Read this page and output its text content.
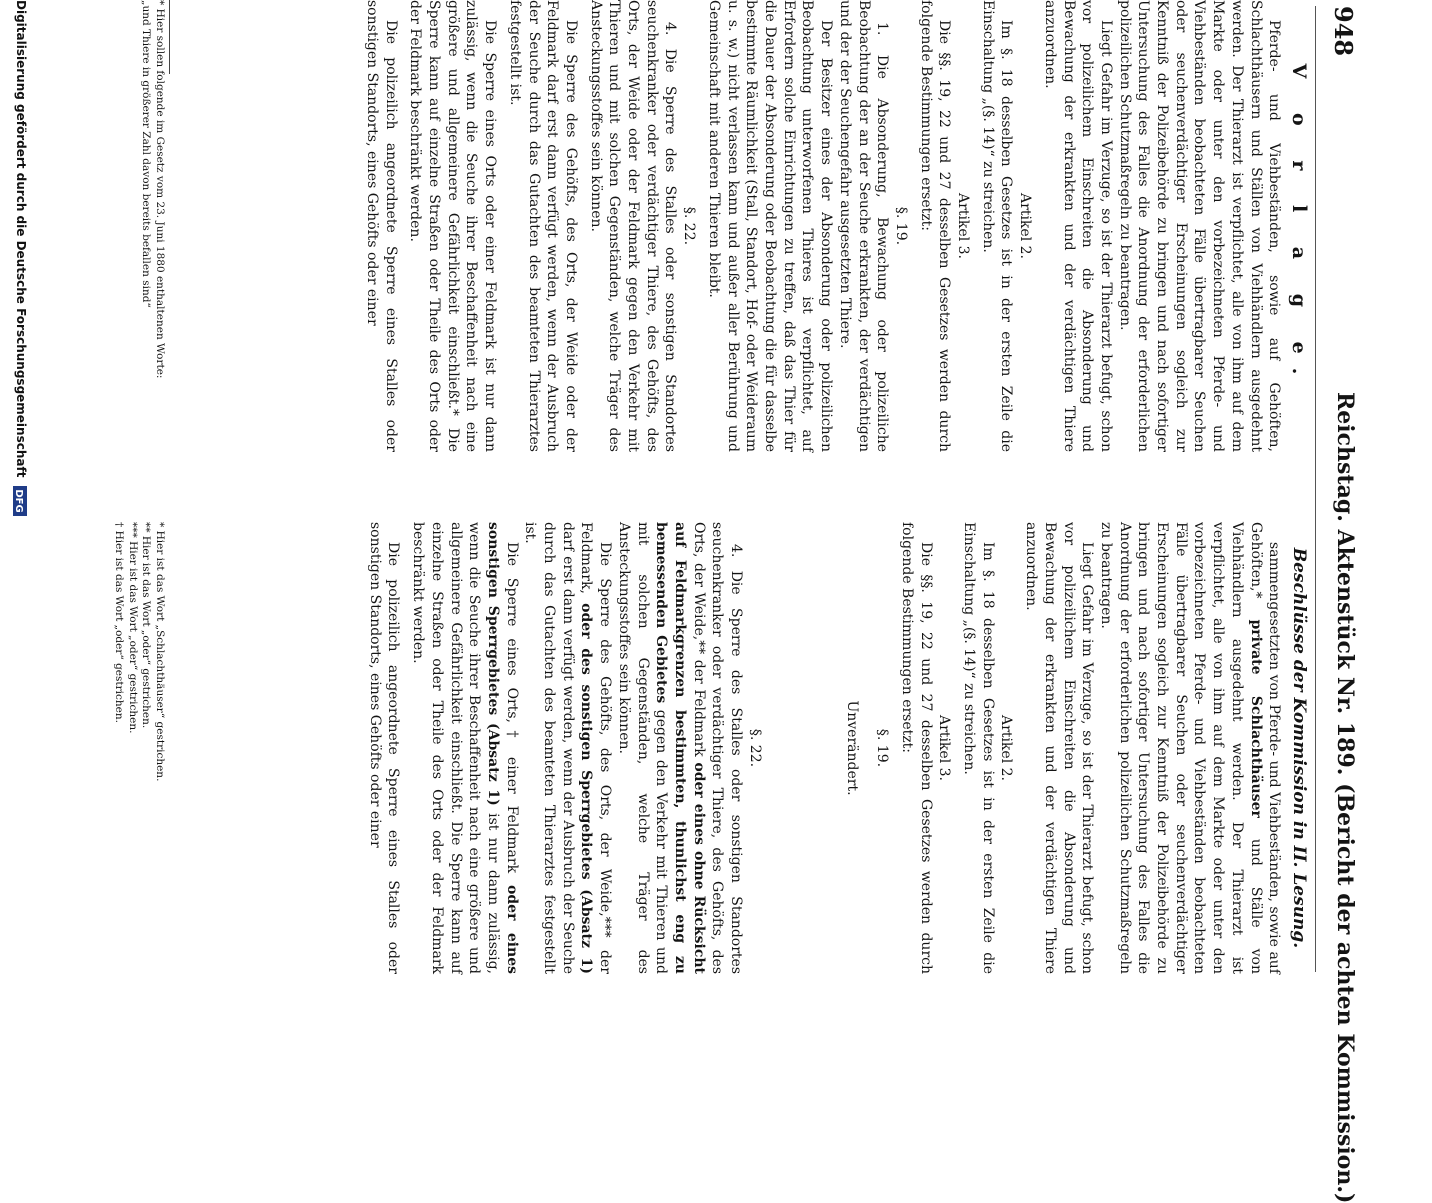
948
Reichstag. Aktenstück Nr. 189. (Bericht der achten Kommission.)
V o r l a g e.

Pferde- und Viehbeständen, sowie auf Gehöften, Schlachthäusern und Ställen von Viehhändlern ausgedehnt werden. Der Thierarzt ist verpflichtet, alle von ihm auf dem Markte oder unter den vorbezeichneten Pferde- und Viehbeständen beobachteten Fälle übertragbarer Seuchen oder seuchenverdächtiger Erscheinungen sogleich zur Kenntniß der Polizeibehörde zu bringen und nach sofortiger Untersuchung des Falles die Anordnung der erforderlichen polizeilichen Schutzmaßregeln zu beantragen.

Liegt Gefahr im Verzuge, so ist der Thierarzt befugt, schon vor polizeilichem Einschreiten die Absonderung und Bewachung der erkrankten und der verdächtigen Thiere anzuordnen.

Artikel 2.

Im §. 18 desselben Gesetzes ist in der ersten Zeile die Einschaltung „(§. 14)“ zu streichen.

Artikel 3.

Die §§. 19, 22 und 27 desselben Gesetzes werden durch folgende Bestimmungen ersetzt:

§. 19.

1. Die Absonderung, Bewachung oder polizeiliche Beobachtung der an der Seuche erkrankten, der verdächtigen und der der Seuchengefahr ausgesetzten Thiere.

Der Besitzer eines der Absonderung oder polizeilichen Beobachtung unterworfenen Thieres ist verpflichtet, auf Erfordern solche Einrichtungen zu treffen, daß das Thier für die Dauer der Absonderung oder Beobachtung die für dasselbe bestimmte Räumlichkeit (Stall, Standort, Hof- oder Weideraum u. s. w.) nicht verlassen kann und außer aller Berührung und Gemeinschaft mit anderen Thieren bleibt.

§. 22.

4. Die Sperre des Stalles oder sonstigen Standortes seuchenkranker oder verdächtiger Thiere, des Gehöfts, des Orts, der Weide oder der Feldmark gegen den Verkehr mit Thieren und mit solchen Gegenständen, welche Träger des Ansteckungsstoffes sein können.

Die Sperre des Gehöfts, des Orts, der Weide oder der Feldmark darf erst dann verfügt werden, wenn der Ausbruch der Seuche durch das Gutachten des beamteten Thierarztes festgestellt ist.

Die Sperre eines Orts oder einer Feldmark ist nur dann zulässig, wenn die Seuche ihrer Beschaffenheit nach eine größere und allgemeinere Gefährlichkeit einschließt.* Die Sperre kann auf einzelne Straßen oder Theile des Orts oder der Feldmark beschränkt werden.

Die polizeilich angeordnete Sperre eines Stalles oder sonstigen Standorts, eines Gehöfts oder einer

Beschlüsse der Kommission in II. Lesung.

sammengesetzten von Pferde- und Viehbeständen, sowie auf Gehöften,* private Schlachthäuser und Ställe von Viehhändlern ausgedehnt werden. Der Thierarzt ist verpflichtet, alle von ihm auf dem Markte oder unter den vorbezeichneten Pferde- und Viehbeständen beobachteten Fälle übertragbarer Seuchen oder seuchenverdächtiger Erscheinungen sogleich zur Kenntniß der Polizeibehörde zu bringen und nach sofortiger Untersuchung des Falles die Anordnung der erforderlichen polizeilichen Schutzmaßregeln zu beantragen.

Liegt Gefahr im Verzuge, so ist der Thierarzt befugt, schon vor polizeilichem Einschreiten die Absonderung und Bewachung der erkrankten und der verdächtigen Thiere anzuordnen.

Artikel 2.

Im §. 18 desselben Gesetzes ist in der ersten Zeile die Einschaltung „(§. 14)“ zu streichen.

Artikel 3.

Die §§. 19, 22 und 27 desselben Gesetzes werden durch folgende Bestimmungen ersetzt:

§. 19.

Unverändert.

§. 22.

4. Die Sperre des Stalles oder sonstigen Standortes seuchenkranker oder verdächtiger Thiere, des Gehöfts, des Orts, der Weide,** der Feldmark oder eines ohne Rücksicht auf Feldmarkgrenzen bestimmten, thunlichst eng zu bemessenden Gebietes gegen den Verkehr mit Thieren und mit solchen Gegenständen, welche Träger des Ansteckungsstoffes sein können.

Die Sperre des Gehöfts, des Orts, der Weide,*** der Feldmark, oder des sonstigen Sperrgebietes (Absatz 1) darf erst dann verfügt werden, wenn der Ausbruch der Seuche durch das Gutachten des beamteten Thierarztes festgestellt ist.

Die Sperre eines Orts,† einer Feldmark oder eines sonstigen Sperrgebietes (Absatz 1) ist nur dann zulässig, wenn die Seuche ihrer Beschaffenheit nach eine größere und allgemeinere Gefährlichkeit einschließt. Die Sperre kann auf einzelne Straßen oder Theile des Orts oder der Feldmark beschränkt werden.

Die polizeilich angeordnete Sperre eines Stalles oder sonstigen Standorts, eines Gehöfts oder einer

* Hier sollen folgende im Gesetz vom 23. Juni 1880 enthaltenen Worte:

„und Thiere in größerer Zahl davon bereits befallen sind“

* Hier ist das Wort „Schlachthäuser“ gestrichen.

** Hier ist das Wort „oder“ gestrichen.

*** Hier ist das Wort „oder“ gestrichen.

† Hier ist das Wort „oder“ gestrichen.

Digitalisierung gefördert durch die Deutsche Forschungsgemeinschaft
DFG
